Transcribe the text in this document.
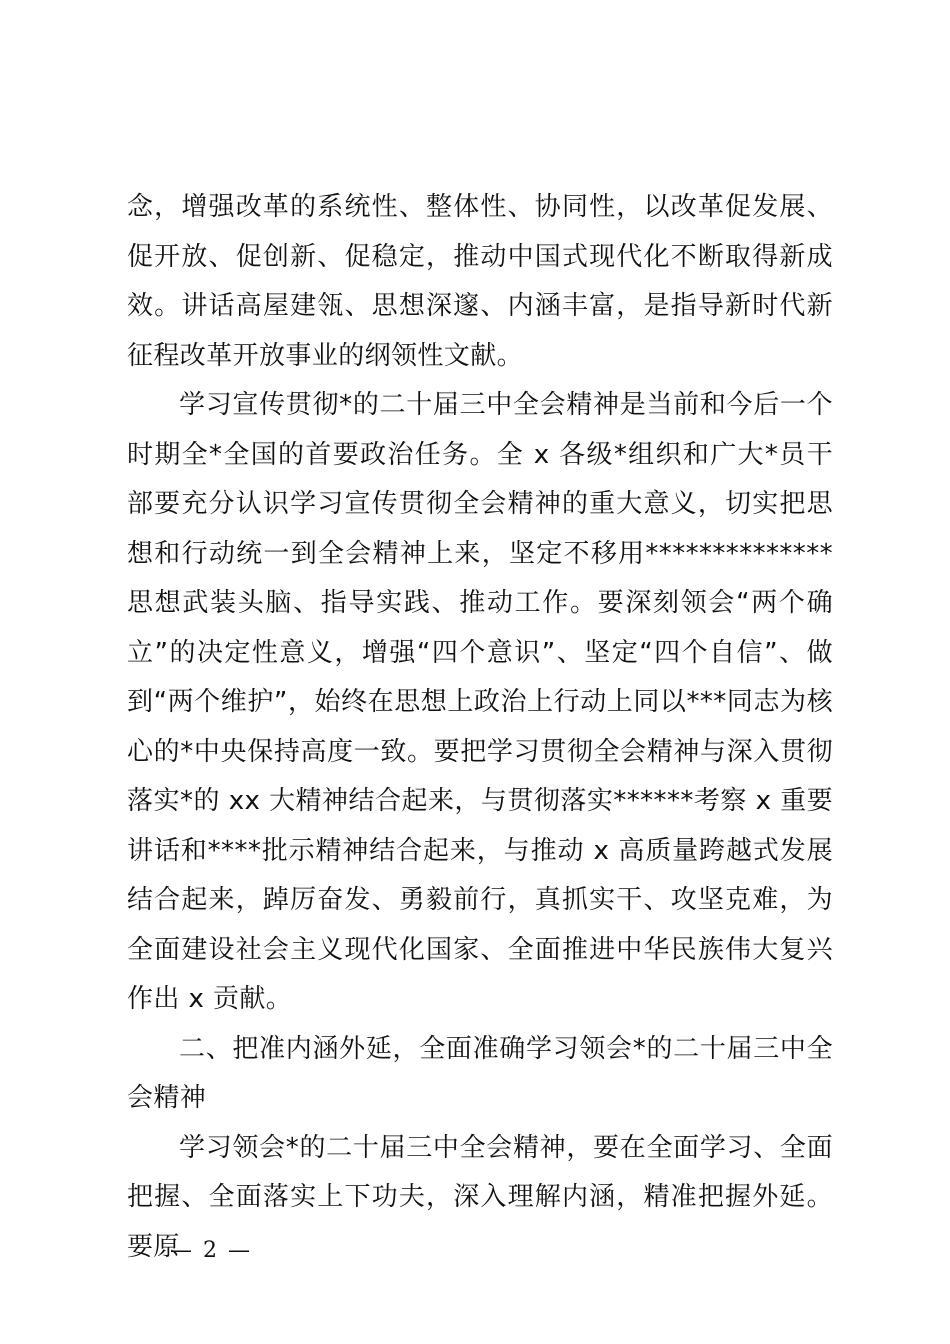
念，增强改革的系统性、整体性、协同性，以改革促发展、促开放、促创新、促稳定，推动中国式现代化不断取得新成效。讲话高屋建瓴、思想深邃、内涵丰富，是指导新时代新征程改革开放事业的纲领性文献。

学习宣传贯彻*的二十届三中全会精神是当前和今后一个时期全*全国的首要政治任务。全 x 各级*组织和广大*员干部要充分认识学习宣传贯彻全会精神的重大意义，切实把思想和行动统一到全会精神上来，坚定不移用**************思想武装头脑、指导实践、推动工作。要深刻领会“两个确立”的决定性意义，增强“四个意识”、坚定“四个自信”、做到“两个维护”，始终在思想上政治上行动上同以***同志为核心的*中央保持高度一致。要把学习贯彻全会精神与深入贯彻落实*的 xx 大精神结合起来，与贯彻落实******考察 x 重要讲话和****批示精神结合起来，与推动 x 高质量跨越式发展结合起来，踔厉奋发、勇毅前行，真抓实干、攻坚克难，为全面建设社会主义现代化国家、全面推进中华民族伟大复兴作出 x 贡献。

二、把准内涵外延，全面准确学习领会*的二十届三中全会精神

学习领会*的二十届三中全会精神，要在全面学习、全面把握、全面落实上下功夫，深入理解内涵，精准把握外延。要原

— 2 —
